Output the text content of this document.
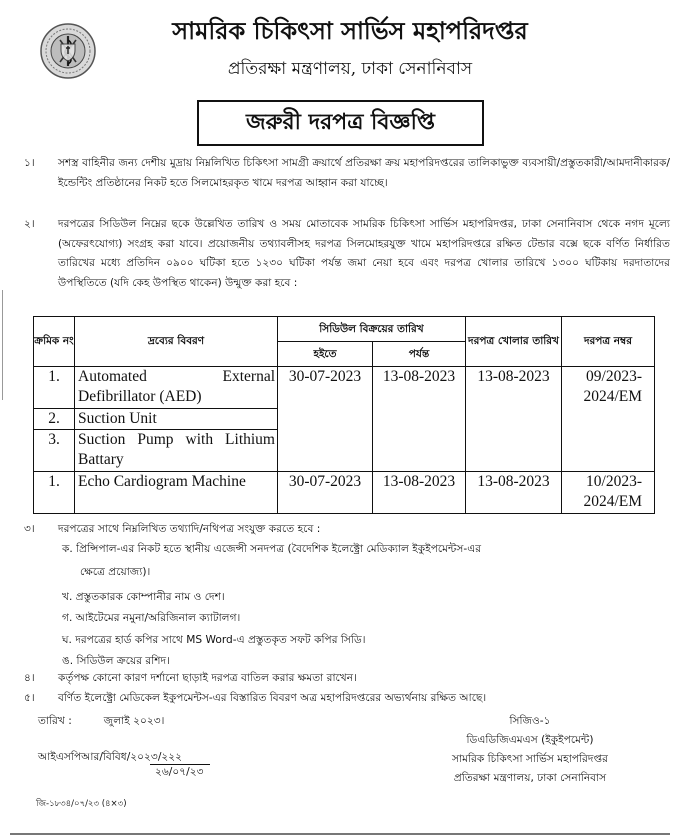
সামরিক চিকিৎসা সার্ভিস মহাপরিদপ্তর
প্রতিরক্ষা মন্ত্রণালয়, ঢাকা সেনানিবাস
জরুরী দরপত্র বিজ্ঞপ্তি
১।	সশস্ত্র বাহিনীর জন্য দেশীয় মুদ্রায় নিম্নলিখিত চিকিৎসা সামগ্রী ক্রয়ার্থে প্রতিরক্ষা ক্রয় মহাপরিদপ্তরের তালিকাভুক্ত ব্যবসায়ী/প্রস্তুতকারী/আমদানীকারক/ইন্ডেন্টিং প্রতিষ্ঠানের নিকট হতে সিলমোহরকৃত খামে দরপত্র আহ্বান করা যাচ্ছে।
২।	দরপত্রের সিডিউল নিম্নের ছকে উল্লেখিত তারিখ ও সময় মোতাবেক সামরিক চিকিৎসা সার্ভিস মহাপরিদপ্তর, ঢাকা সেনানিবাস থেকে নগদ মূল্যে (অফেরৎযোগ্য) সংগ্রহ করা যাবে। প্রয়োজনীয় তথ্যাবলীসহ দরপত্র সিলমোহরযুক্ত খামে মহাপরিদপ্তরে রক্ষিত টেন্ডার বক্সে ছকে বর্ণিত নির্ধারিত তারিখের মধ্যে প্রতিদিন ০৯০০ ঘটিকা হতে ১২৩০ ঘটিকা পর্যন্ত জমা নেয়া হবে এবং দরপত্র খোলার তারিখে ১৩০০ ঘটিকায় দরদাতাদের উপস্থিতিতে (যদি কেহ উপস্থিত থাকেন) উন্মুক্ত করা হবে :
ক্রমিক নং	দ্রব্যের বিবরণ	সিডিউল বিক্রয়ের তারিখ		দরপত্র খোলার তারিখ	দরপত্র নম্বর
		হইতে	পর্যন্ত		
1.	Automated External Defibrillator (AED)	30-07-2023	13-08-2023	13-08-2023	09/2023-2024/EM
2.	Suction Unit				
3.	Suction Pump with Lithium Battary				
1.	Echo Cardiogram Machine	30-07-2023	13-08-2023	13-08-2023	10/2023-2024/EM
৩।	দরপত্রের সাথে নিম্নলিখিত তথ্যাদি/নথিপত্র সংযুক্ত করতে হবে :
ক. প্রিন্সিপাল-এর নিকট হতে স্থানীয় এজেন্সী সনদপত্র (বৈদেশিক ইলেক্ট্রো মেডিক্যাল ইকুইপমেন্টস-এর
ক্ষেত্রে প্রয়োজ্য)।
খ. প্রস্তুতকারক কোম্পানীর নাম ও দেশ।
গ. আইটেমের নমুনা/অরিজিনাল ক্যাটালগ।
ঘ. দরপত্রের হার্ড কপির সাথে MS Word-এ প্রস্তুতকৃত সফট কপির সিডি।
ঙ. সিডিউল ক্রয়ের রশিদ।
৪।	কর্তৃপক্ষ কোনো কারণ দর্শানো ছাড়াই দরপত্র বাতিল করার ক্ষমতা রাখেন।
৫।	বর্ণিত ইলেক্ট্রো মেডিকেল ইকুপমেন্টস-এর বিস্তারিত বিবরণ অত্র মহাপরিদপ্তরের অভ্যর্থনায় রক্ষিত আছে।
তারিখ :	জুলাই ২০২৩।
আইএসপিআর/বিবিধ/২০২৩/২২২
২৬/০৭/২৩
সিজিও-১
ডিএডিজিএমএস (ইকুইপমেন্ট)
সামরিক চিকিৎসা সার্ভিস মহাপরিদপ্তর
প্রতিরক্ষা মন্ত্রণালয়, ঢাকা সেনানিবাস
জি-১৮৩৪/০৭/২৩ (৪×৩)
